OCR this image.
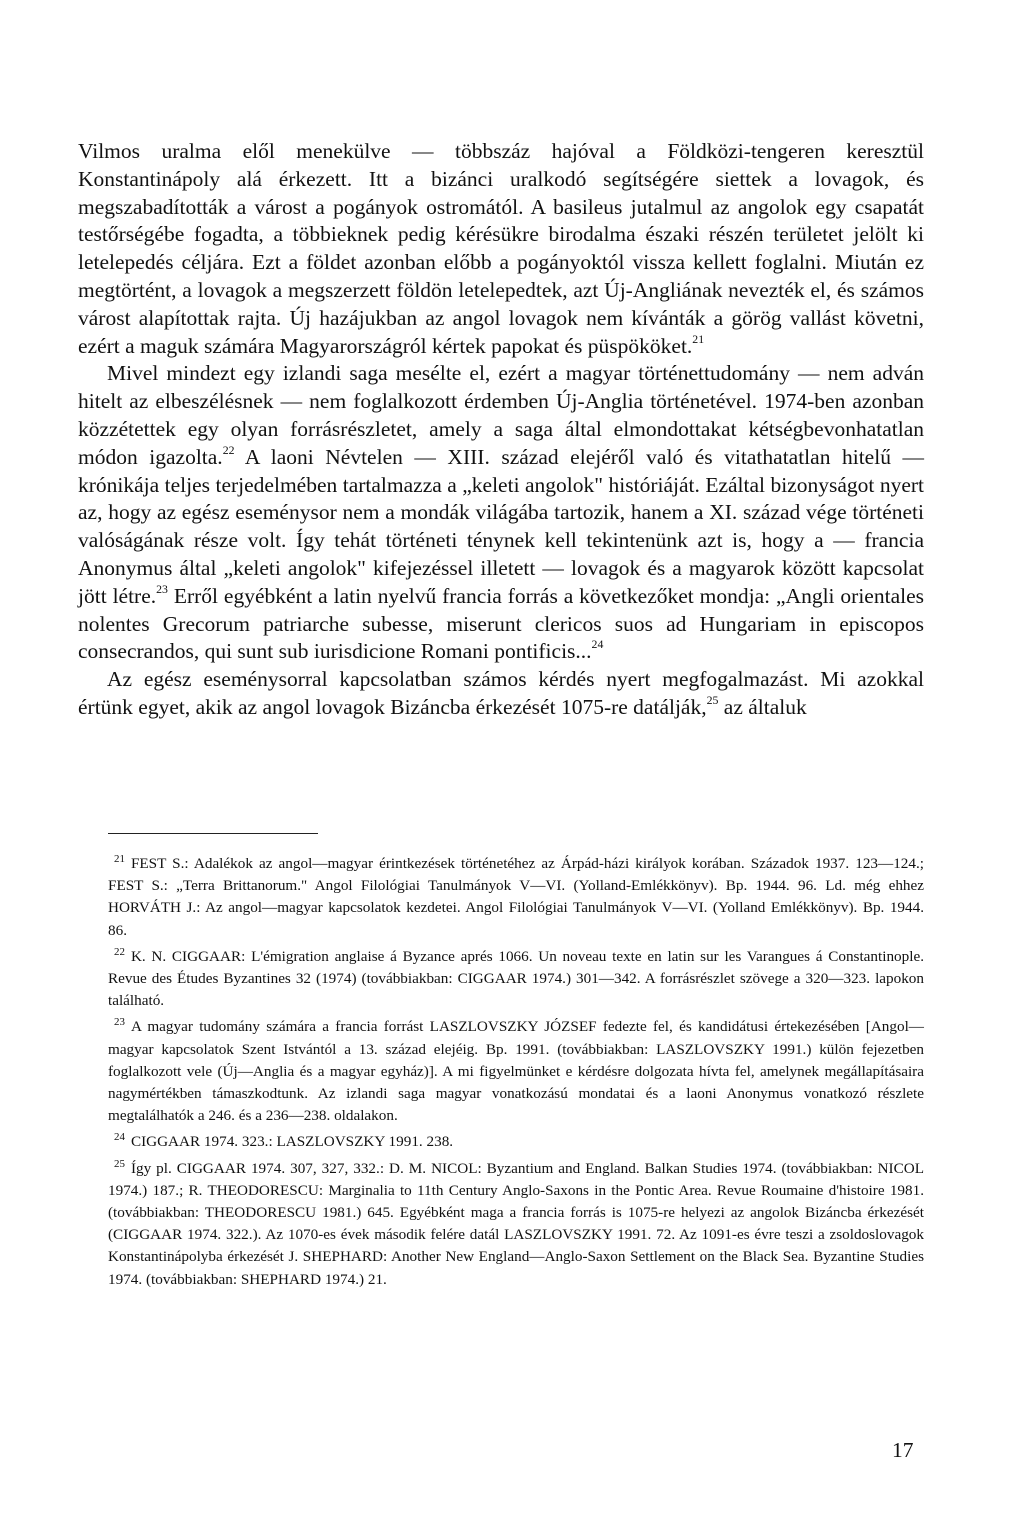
Vilmos uralma elől menekülve — többszáz hajóval a Földközi-tengeren keresztül Konstantinápoly alá érkezett. Itt a bizánci uralkodó segítségére siettek a lovagok, és megszabadították a várost a pogányok ostromától. A basileus jutalmul az angolok egy csapatát testőrségébe fogadta, a többieknek pedig kérésükre birodalma északi részén területet jelölt ki letelepedés céljára. Ezt a földet azonban előbb a pogányoktól vissza kellett foglalni. Miután ez megtörtént, a lovagok a megszerzett földön letelepedtek, azt Új-Angliának nevezték el, és számos várost alapítottak rajta. Új hazájukban az angol lovagok nem kívánták a görög vallást követni, ezért a maguk számára Magyarországról kértek papokat és püspököket.$^{21}$

Mivel mindezt egy izlandi saga mesélte el, ezért a magyar történettudomány — nem adván hitelt az elbeszélésnek — nem foglalkozott érdemben Új-Anglia történetével. 1974-ben azonban közzétettek egy olyan forrásrészletet, amely a saga által elmondottakat kétségbevonhatatlan módon igazolta.$^{22}$ A laoni Névtelen — XIII. század elejéről való és vitathatatlan hitelű — krónikája teljes terjedelmében tartalmazza a „keleti angolok" históriáját. Ezáltal bizonyságot nyert az, hogy az egész eseménysor nem a mondák világába tartozik, hanem a XI. század vége történeti valóságának része volt. Így tehát történeti ténynek kell tekintenünk azt is, hogy a — francia Anonymus által „keleti angolok" kifejezéssel illetett — lovagok és a magyarok között kapcsolat jött létre.$^{23}$ Erről egyébként a latin nyelvű francia forrás a következőket mondja: „Angli orientales nolentes Grecorum patriarche subesse, miserunt clericos suos ad Hungariam in episcopos consecrandos, qui sunt sub iurisdicione Romani pontificis...$^{24}$

Az egész eseménysorral kapcsolatban számos kérdés nyert megfogalmazást. Mi azokkal értünk egyet, akik az angol lovagok Bizáncba érkezését 1075-re datálják,$^{25}$ az általuk

$^{21}$ FEST S.: Adalékok az angol—magyar érintkezések történetéhez az Árpád-házi királyok korában. Századok 1937. 123—124.; FEST S.: „Terra Brittanorum." Angol Filológiai Tanulmányok V—VI. (Yolland-Emlékkönyv). Bp. 1944. 96. Ld. még ehhez HORVÁTH J.: Az angol—magyar kapcsolatok kezdetei. Angol Filológiai Tanulmányok V—VI. (Yolland Emlékkönyv). Bp. 1944. 86.

$^{22}$ K. N. CIGGAAR: L'émigration anglaise á Byzance aprés 1066. Un noveau texte en latin sur les Varangues á Constantinople. Revue des Études Byzantines 32 (1974) (továbbiakban: CIGGAAR 1974.) 301—342. A forrásrészlet szövege a 320—323. lapokon található.

$^{23}$ A magyar tudomány számára a francia forrást LASZLOVSZKY JÓZSEF fedezte fel, és kandidátusi értekezésében [Angol—magyar kapcsolatok Szent Istvántól a 13. század elejéig. Bp. 1991. (továbbiakban: LASZLOVSZKY 1991.) külön fejezetben foglalkozott vele (Új—Anglia és a magyar egyház)]. A mi figyelmünket e kérdésre dolgozata hívta fel, amelynek megállapításaira nagymértékben támaszkodtunk. Az izlandi saga magyar vonatkozású mondatai és a laoni Anonymus vonatkozó részlete megtalálhatók a 246. és a 236—238. oldalakon.

$^{24}$ CIGGAAR 1974. 323.: LASZLOVSZKY 1991. 238.

$^{25}$ Így pl. CIGGAAR 1974. 307, 327, 332.: D. M. NICOL: Byzantium and England. Balkan Studies 1974. (továbbiakban: NICOL 1974.) 187.; R. THEODORESCU: Marginalia to 11th Century Anglo-Saxons in the Pontic Area. Revue Roumaine d'histoire 1981. (továbbiakban: THEODORESCU 1981.) 645. Egyébként maga a francia forrás is 1075-re helyezi az angolok Bizáncba érkezését (CIGGAAR 1974. 322.). Az 1070-es évek második felére datál LASZLOVSZKY 1991. 72. Az 1091-es évre teszi a zsoldoslovagok Konstantinápolyba érkezését J. SHEPHARD: Another New England—Anglo-Saxon Settlement on the Black Sea. Byzantine Studies 1974. (továbbiakban: SHEPHARD 1974.) 21.

17
